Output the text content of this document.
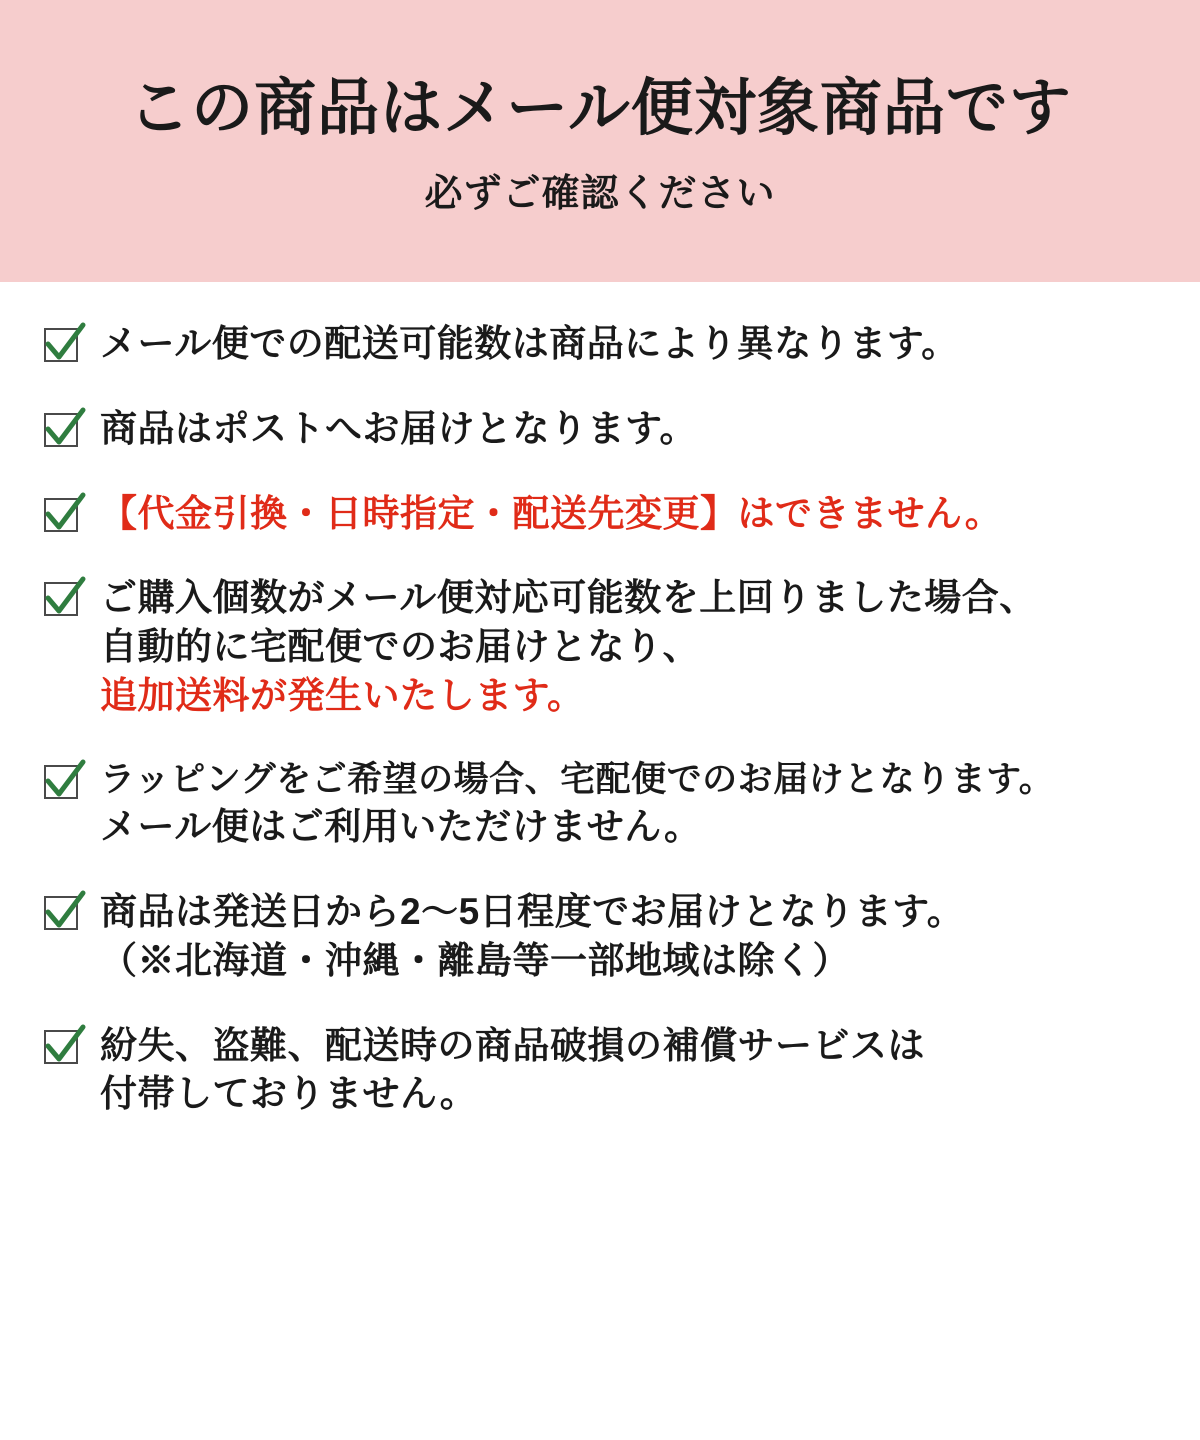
この商品はメール便対象商品です
必ずご確認ください
メール便での配送可能数は商品により異なります。
商品はポストへお届けとなります。
【代金引換・日時指定・配送先変更】はできません。
ご購入個数がメール便対応可能数を上回りました場合、
自動的に宅配便でのお届けとなり、
追加送料が発生いたします。
ラッピングをご希望の場合、宅配便でのお届けとなります。
メール便はご利用いただけません。
商品は発送日から2〜5日程度でお届けとなります。
（※北海道・沖縄・離島等一部地域は除く）
紛失、盗難、配送時の商品破損の補償サービスは
付帯しておりません。
